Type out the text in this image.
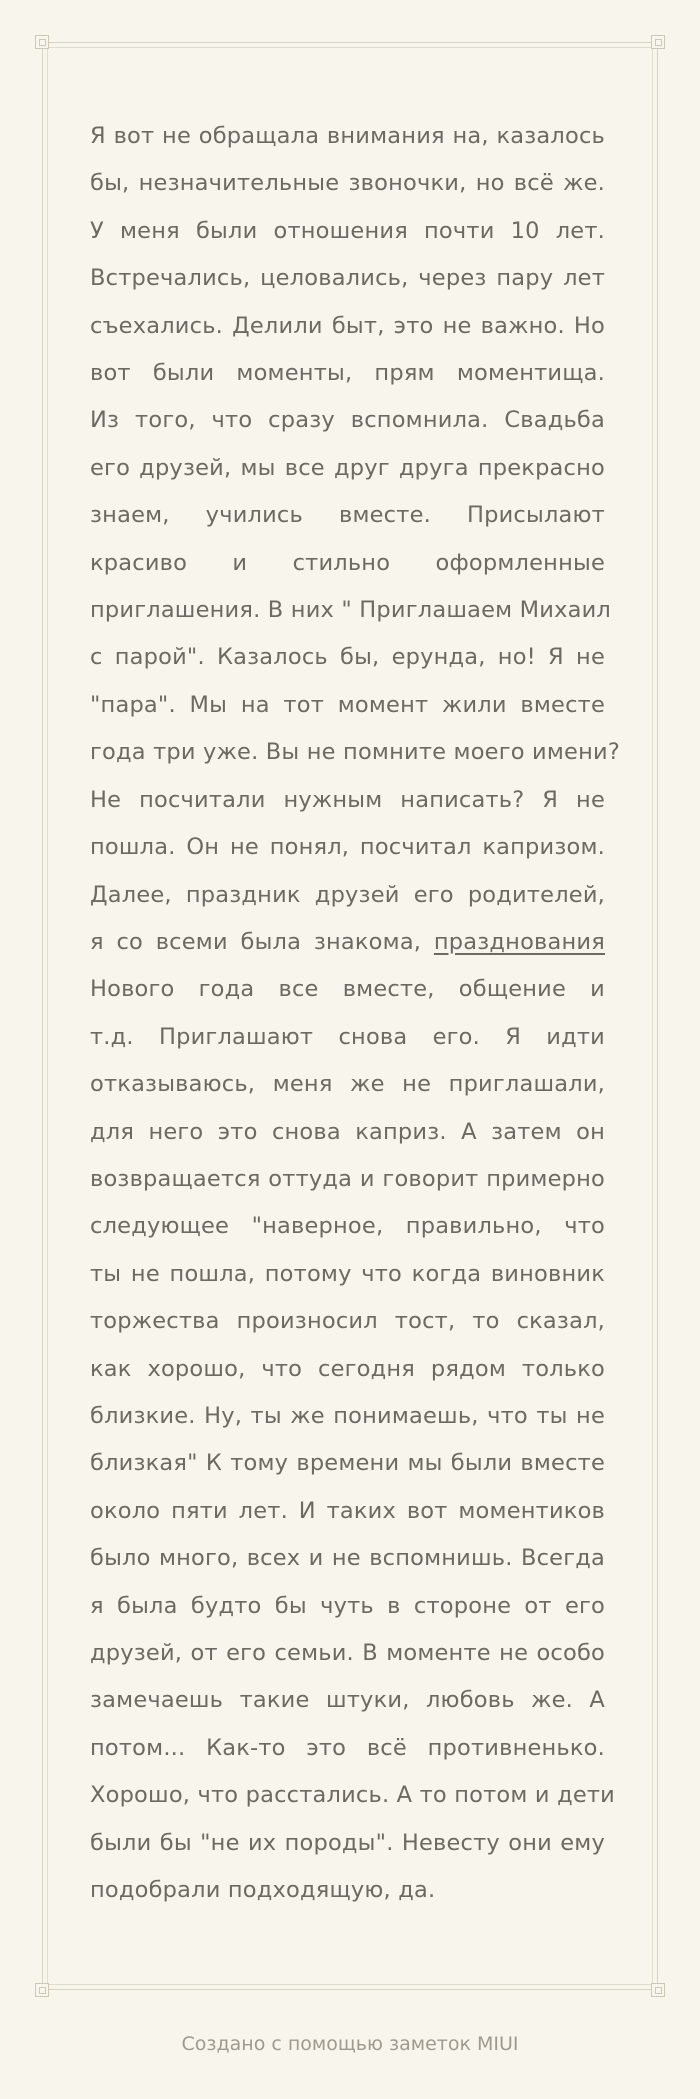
Я вот не обращала внимания на, казалось
бы, незначительные звоночки, но всё же.
У меня были отношения почти 10 лет.
Встречались, целовались, через пару лет
съехались. Делили быт, это не важно. Но
вот были моменты, прям моментища.
Из того, что сразу вспомнила. Свадьба
его друзей, мы все друг друга прекрасно
знаем, учились вместе. Присылают
красиво и стильно оформленные
приглашения. В них " Приглашаем Михаил
с парой". Казалось бы, ерунда, но! Я не
"пара". Мы на тот момент жили вместе
года три уже. Вы не помните моего имени?
Не посчитали нужным написать? Я не
пошла. Он не понял, посчитал капризом.
Далее, праздник друзей его родителей,
я со всеми была знакома, празднования
Нового года все вместе, общение и
т.д. Приглашают снова его. Я идти
отказываюсь, меня же не приглашали,
для него это снова каприз. А затем он
возвращается оттуда и говорит примерно
следующее "наверное, правильно, что
ты не пошла, потому что когда виновник
торжества произносил тост, то сказал,
как хорошо, что сегодня рядом только
близкие. Ну, ты же понимаешь, что ты не
близкая" К тому времени мы были вместе
около пяти лет. И таких вот моментиков
было много, всех и не вспомнишь. Всегда
я была будто бы чуть в стороне от его
друзей, от его семьи. В моменте не особо
замечаешь такие штуки, любовь же. А
потом... Как-то это всё противненько.
Хорошо, что расстались. А то потом и дети
были бы "не их породы". Невесту они ему
подобрали подходящую, да.
Создано с помощью заметок MIUI
